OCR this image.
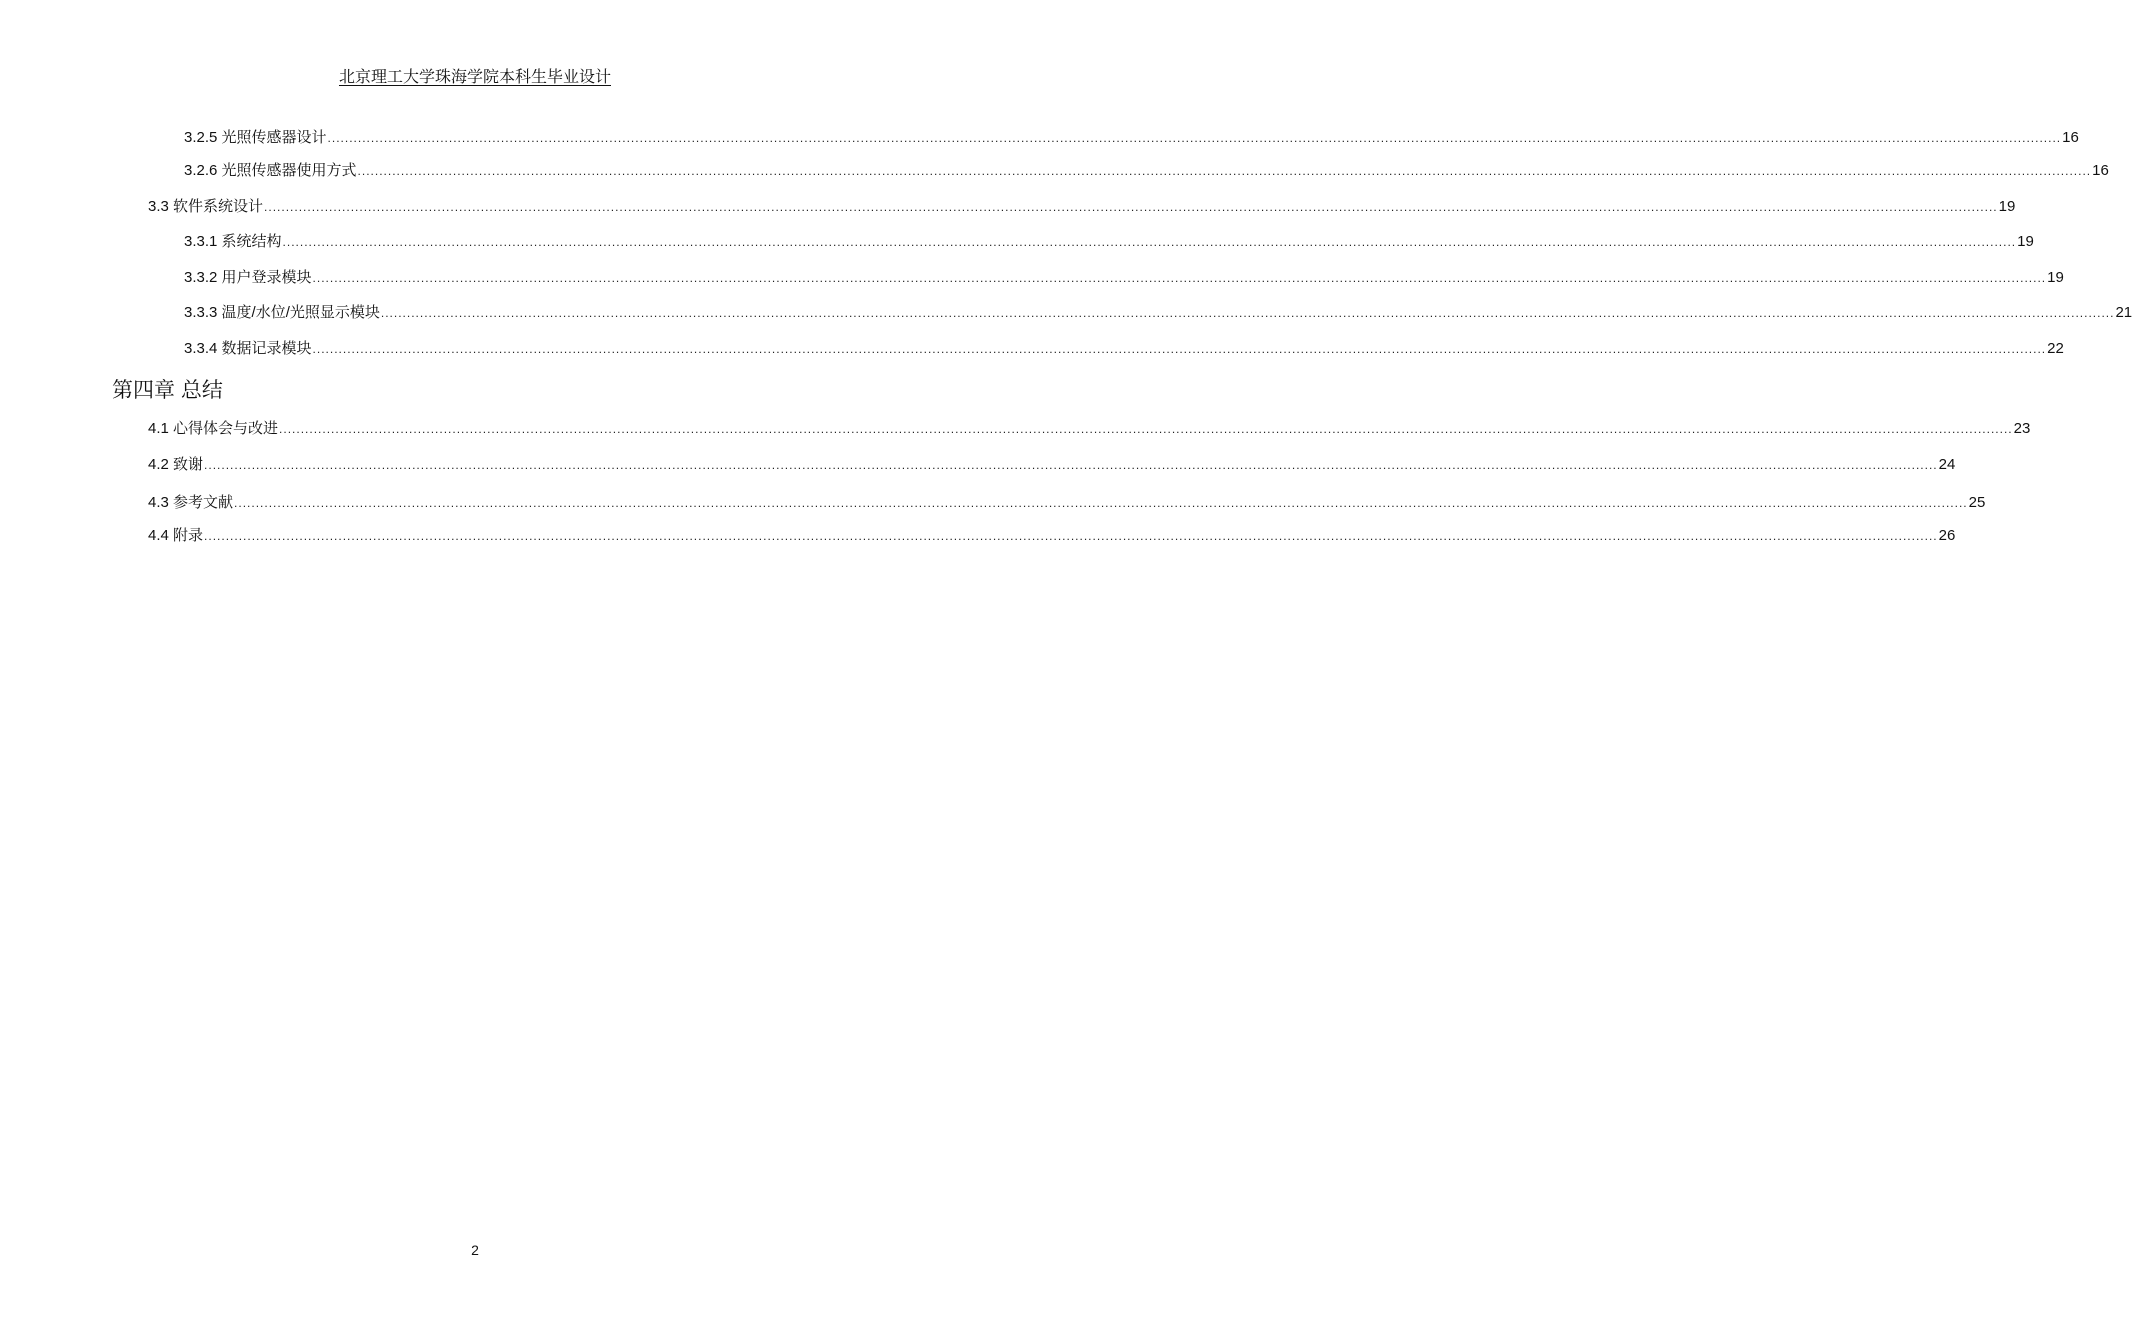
北京理工大学珠海学院本科生毕业设计
3.2.5 光照传感器设计 ................................................................................................................................................................................................................................................................................................................................................................................................................ 16
3.2.6 光照传感器使用方式 ................................................................................................................................................................................................................................................................................................................................................................................................................ 16
3.3 软件系统设计 ................................................................................................................................................................................................................................................................................................................................................................................................................ 19
3.3.1 系统结构 ................................................................................................................................................................................................................................................................................................................................................................................................................ 19
3.3.2 用户登录模块 ................................................................................................................................................................................................................................................................................................................................................................................................................ 19
3.3.3 温度/水位/光照显示模块 ................................................................................................................................................................................................................................................................................................................................................................................................................ 21
3.3.4 数据记录模块 ................................................................................................................................................................................................................................................................................................................................................................................................................ 22
第四章 总结
4.1 心得体会与改进 ................................................................................................................................................................................................................................................................................................................................................................................................................ 23
4.2 致谢 ................................................................................................................................................................................................................................................................................................................................................................................................................ 24
4.3 参考文献 ................................................................................................................................................................................................................................................................................................................................................................................................................ 25
4.4 附录 ................................................................................................................................................................................................................................................................................................................................................................................................................ 26
2
